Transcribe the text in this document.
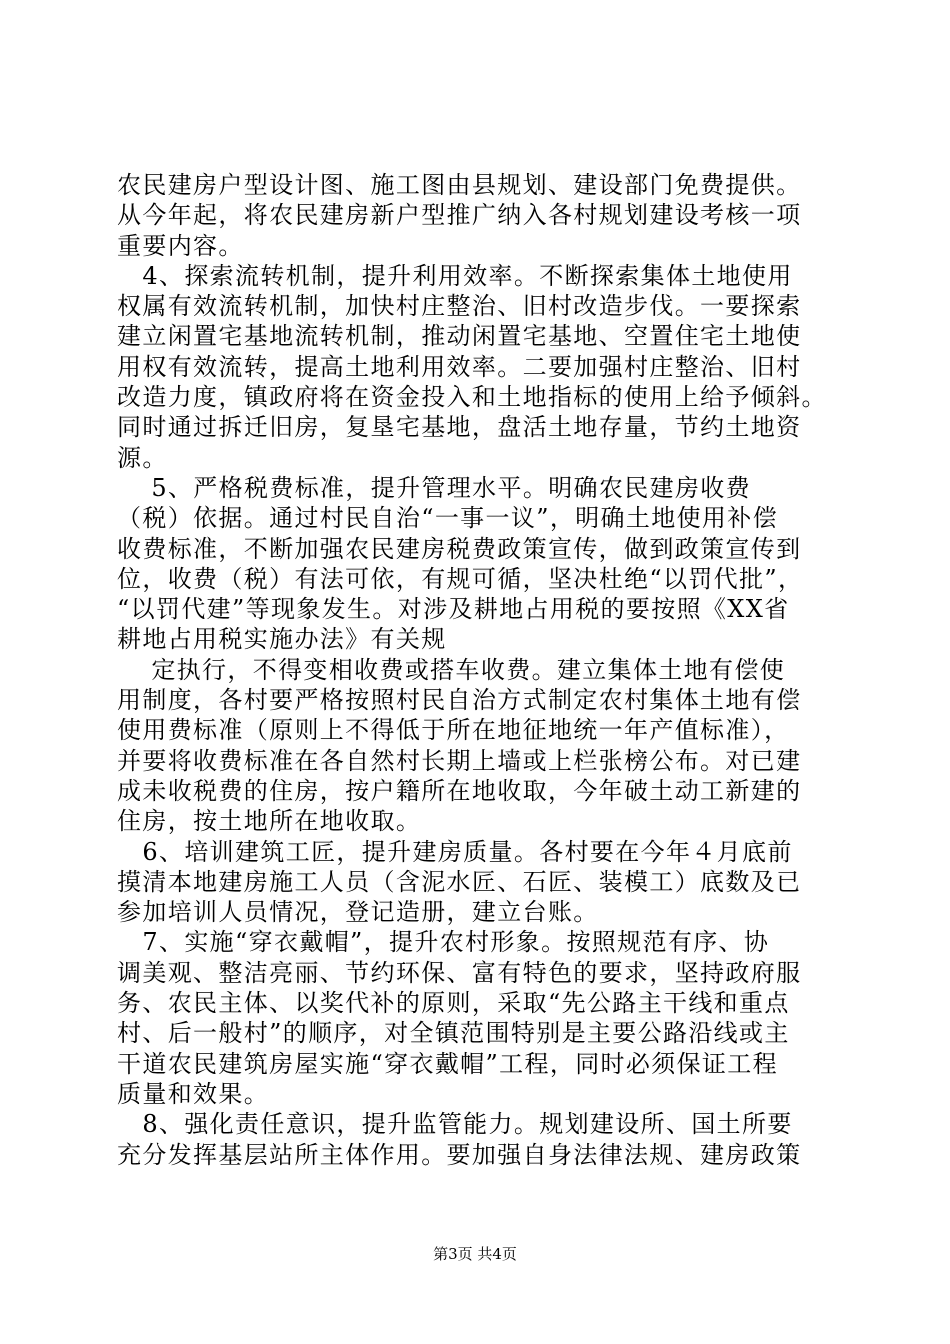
农民建房户型设计图、施工图由县规划、建设部门免费提供。
从今年起，将农民建房新户型推广纳入各村规划建设考核一项
重要内容。
　4、探索流转机制，提升利用效率。不断探索集体土地使用
权属有效流转机制，加快村庄整治、旧村改造步伐。一要探索
建立闲置宅基地流转机制，推动闲置宅基地、空置住宅土地使
用权有效流转，提高土地利用效率。二要加强村庄整治、旧村
改造力度，镇政府将在资金投入和土地指标的使用上给予倾斜。
同时通过拆迁旧房，复垦宅基地，盘活土地存量，节约土地资
源。
　 5、严格税费标准，提升管理水平。明确农民建房收费
（税）依据。通过村民自治“一事一议”，明确土地使用补偿
收费标准，不断加强农民建房税费政策宣传，做到政策宣传到
位，收费（税）有法可依，有规可循，坚决杜绝“以罚代批”，
“以罚代建”等现象发生。对涉及耕地占用税的要按照《XX省
耕地占用税实施办法》有关规
　 定执行，不得变相收费或搭车收费。建立集体土地有偿使
用制度，各村要严格按照村民自治方式制定农村集体土地有偿
使用费标准（原则上不得低于所在地征地统一年产值标准），
并要将收费标准在各自然村长期上墙或上栏张榜公布。对已建
成未收税费的住房，按户籍所在地收取，今年破土动工新建的
住房，按土地所在地收取。
　6、培训建筑工匠，提升建房质量。各村要在今年４月底前
摸清本地建房施工人员（含泥水匠、石匠、装模工）底数及已
参加培训人员情况，登记造册，建立台账。
　7、实施“穿衣戴帽”，提升农村形象。按照规范有序、协
调美观、整洁亮丽、节约环保、富有特色的要求，坚持政府服
务、农民主体、以奖代补的原则，采取“先公路主干线和重点
村、后一般村”的顺序，对全镇范围特别是主要公路沿线或主
干道农民建筑房屋实施“穿衣戴帽”工程，同时必须保证工程
质量和效果。
　8、强化责任意识，提升监管能力。规划建设所、国土所要
充分发挥基层站所主体作用。要加强自身法律法规、建房政策
第3页 共4页
